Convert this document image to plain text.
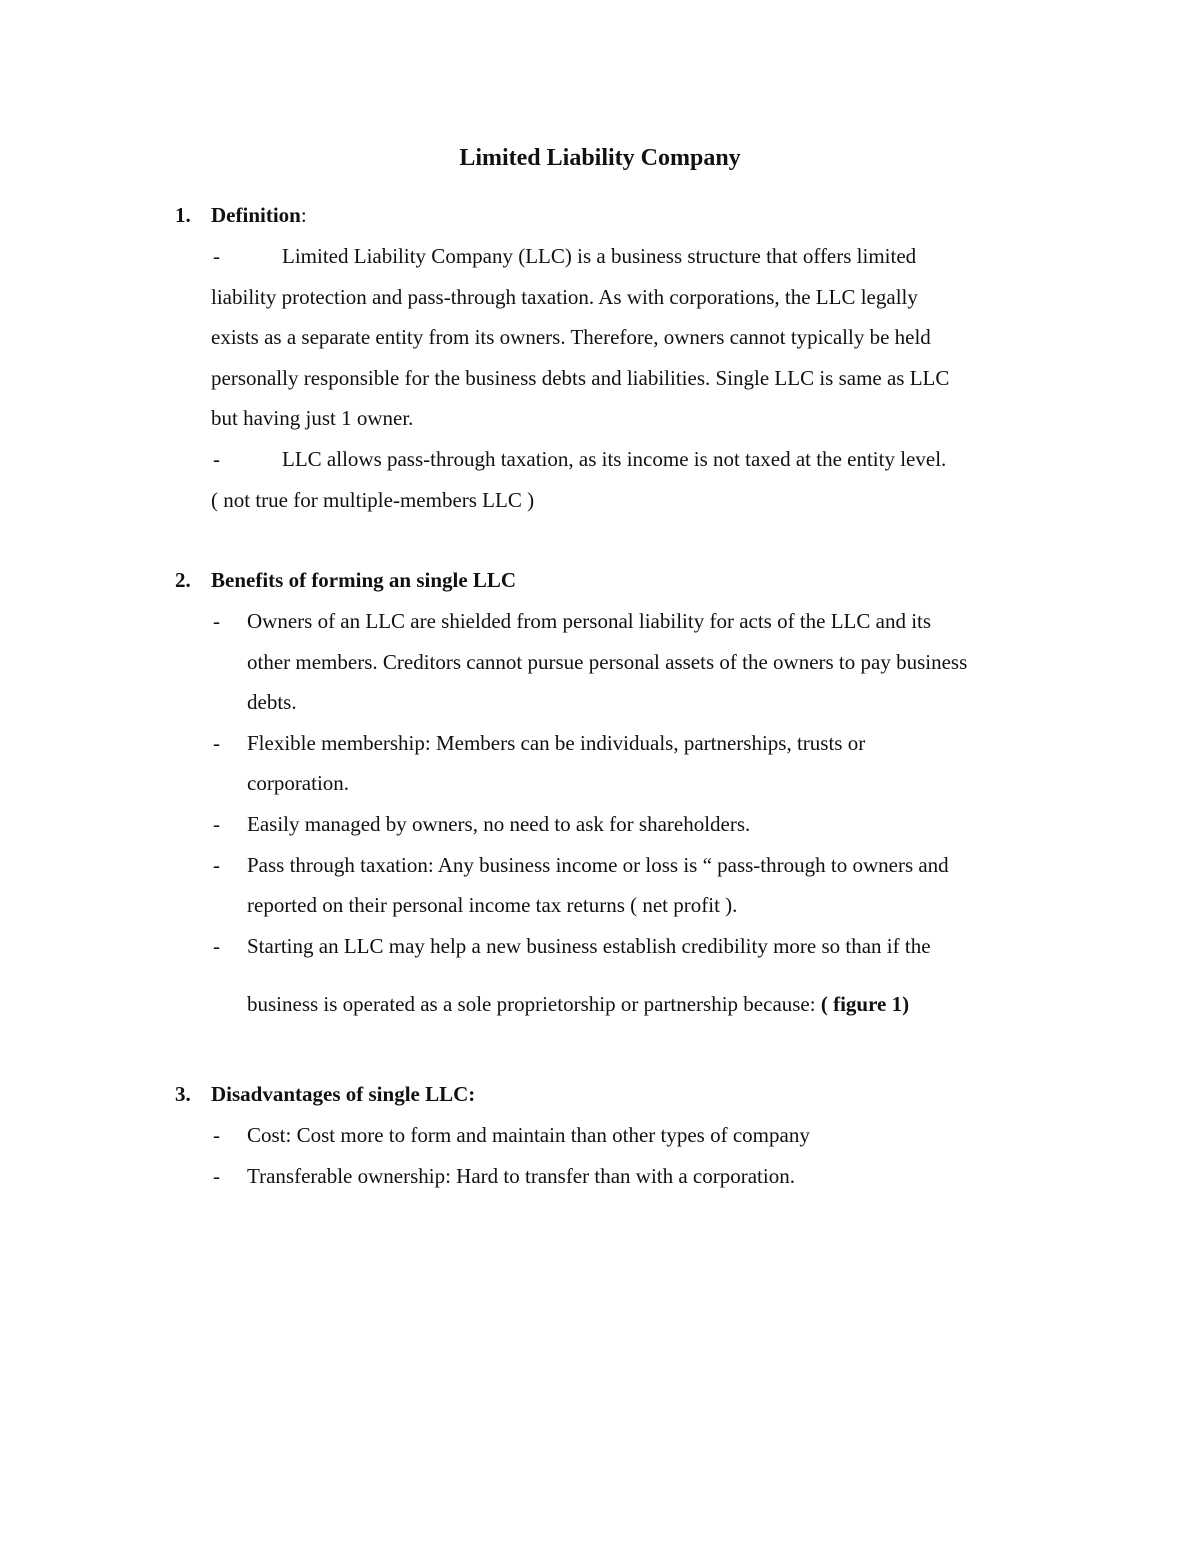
Limited Liability Company
1. Definition:
-	Limited Liability Company (LLC) is a business structure that offers limited
liability protection and pass-through taxation. As with corporations, the LLC legally
exists as a separate entity from its owners. Therefore, owners cannot typically be held
personally responsible for the business debts and liabilities. Single LLC is same as LLC
but having just 1 owner.
-	LLC allows pass-through taxation, as its income is not taxed at the entity level.
( not true for multiple-members LLC )
2. Benefits of forming an single LLC
- Owners of an LLC are shielded from personal liability for acts of the LLC and its
other members. Creditors cannot pursue personal assets of the owners to pay business
debts.
- Flexible membership: Members can be individuals, partnerships, trusts or
corporation.
- Easily managed by owners, no need to ask for shareholders.
- Pass through taxation: Any business income or loss is “ pass-through to owners and
reported on their personal income tax returns ( net profit ).
- Starting an LLC may help a new business establish credibility more so than if the
business is operated as a sole proprietorship or partnership because: ( figure 1)
3. Disadvantages of single LLC:
- Cost: Cost more to form and maintain than other types of company
- Transferable ownership: Hard to transfer than with a corporation.
